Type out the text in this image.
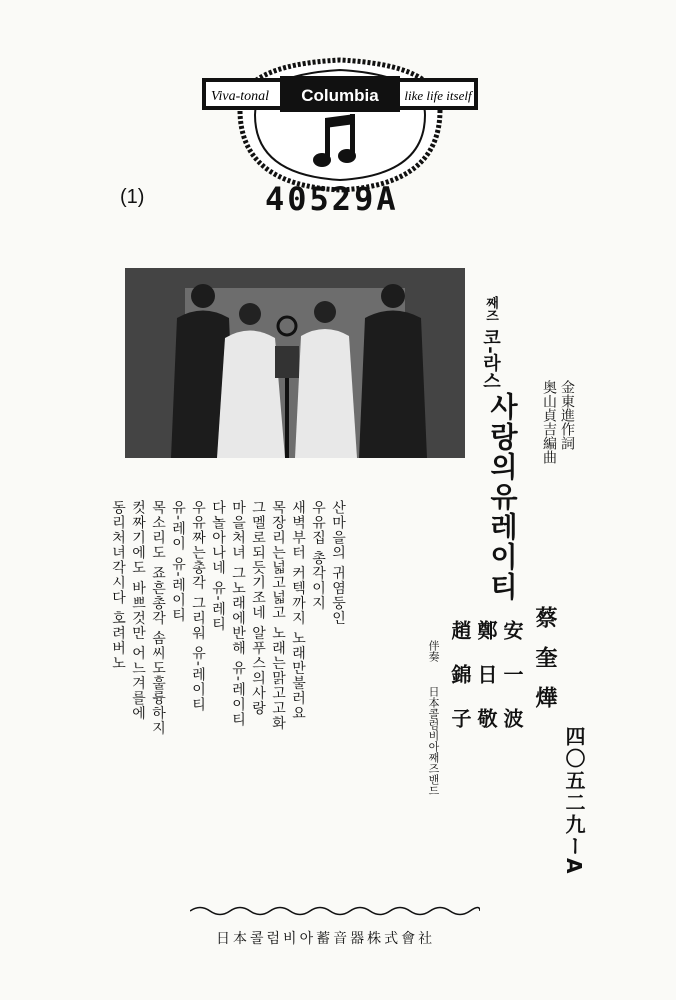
Viva-tonal Columbia like life itself
(1)	40529A
째즈 코-라스
사랑의유레이티	金東進作詞
奥山貞吉編曲
산마을의 귀염둥인
우유집 총각이지
새벽부터 커텍까지 노래만불러요
목장리는넓고넓고 노래는맑고고화
그멜로되듯기조네 알푸스의사랑
마을처녀 그노래에반해 유-레이티
다놀아나네 유-레티
우유짜는총각 그리워 유-레이티
유-레이 유-레이티
목소리도 죠흔총각 솜씨도훌륭하지
컷짜기에도 바쁘것만 어느겨를에
동리처녀각시다 호려버노	蔡奎燁
安一波
鄭日敬
趙錦子
伴奏 日本콜럼비아째즈밴드	四〇五二九ーA
日本콜럼비아蓄音器株式會社
